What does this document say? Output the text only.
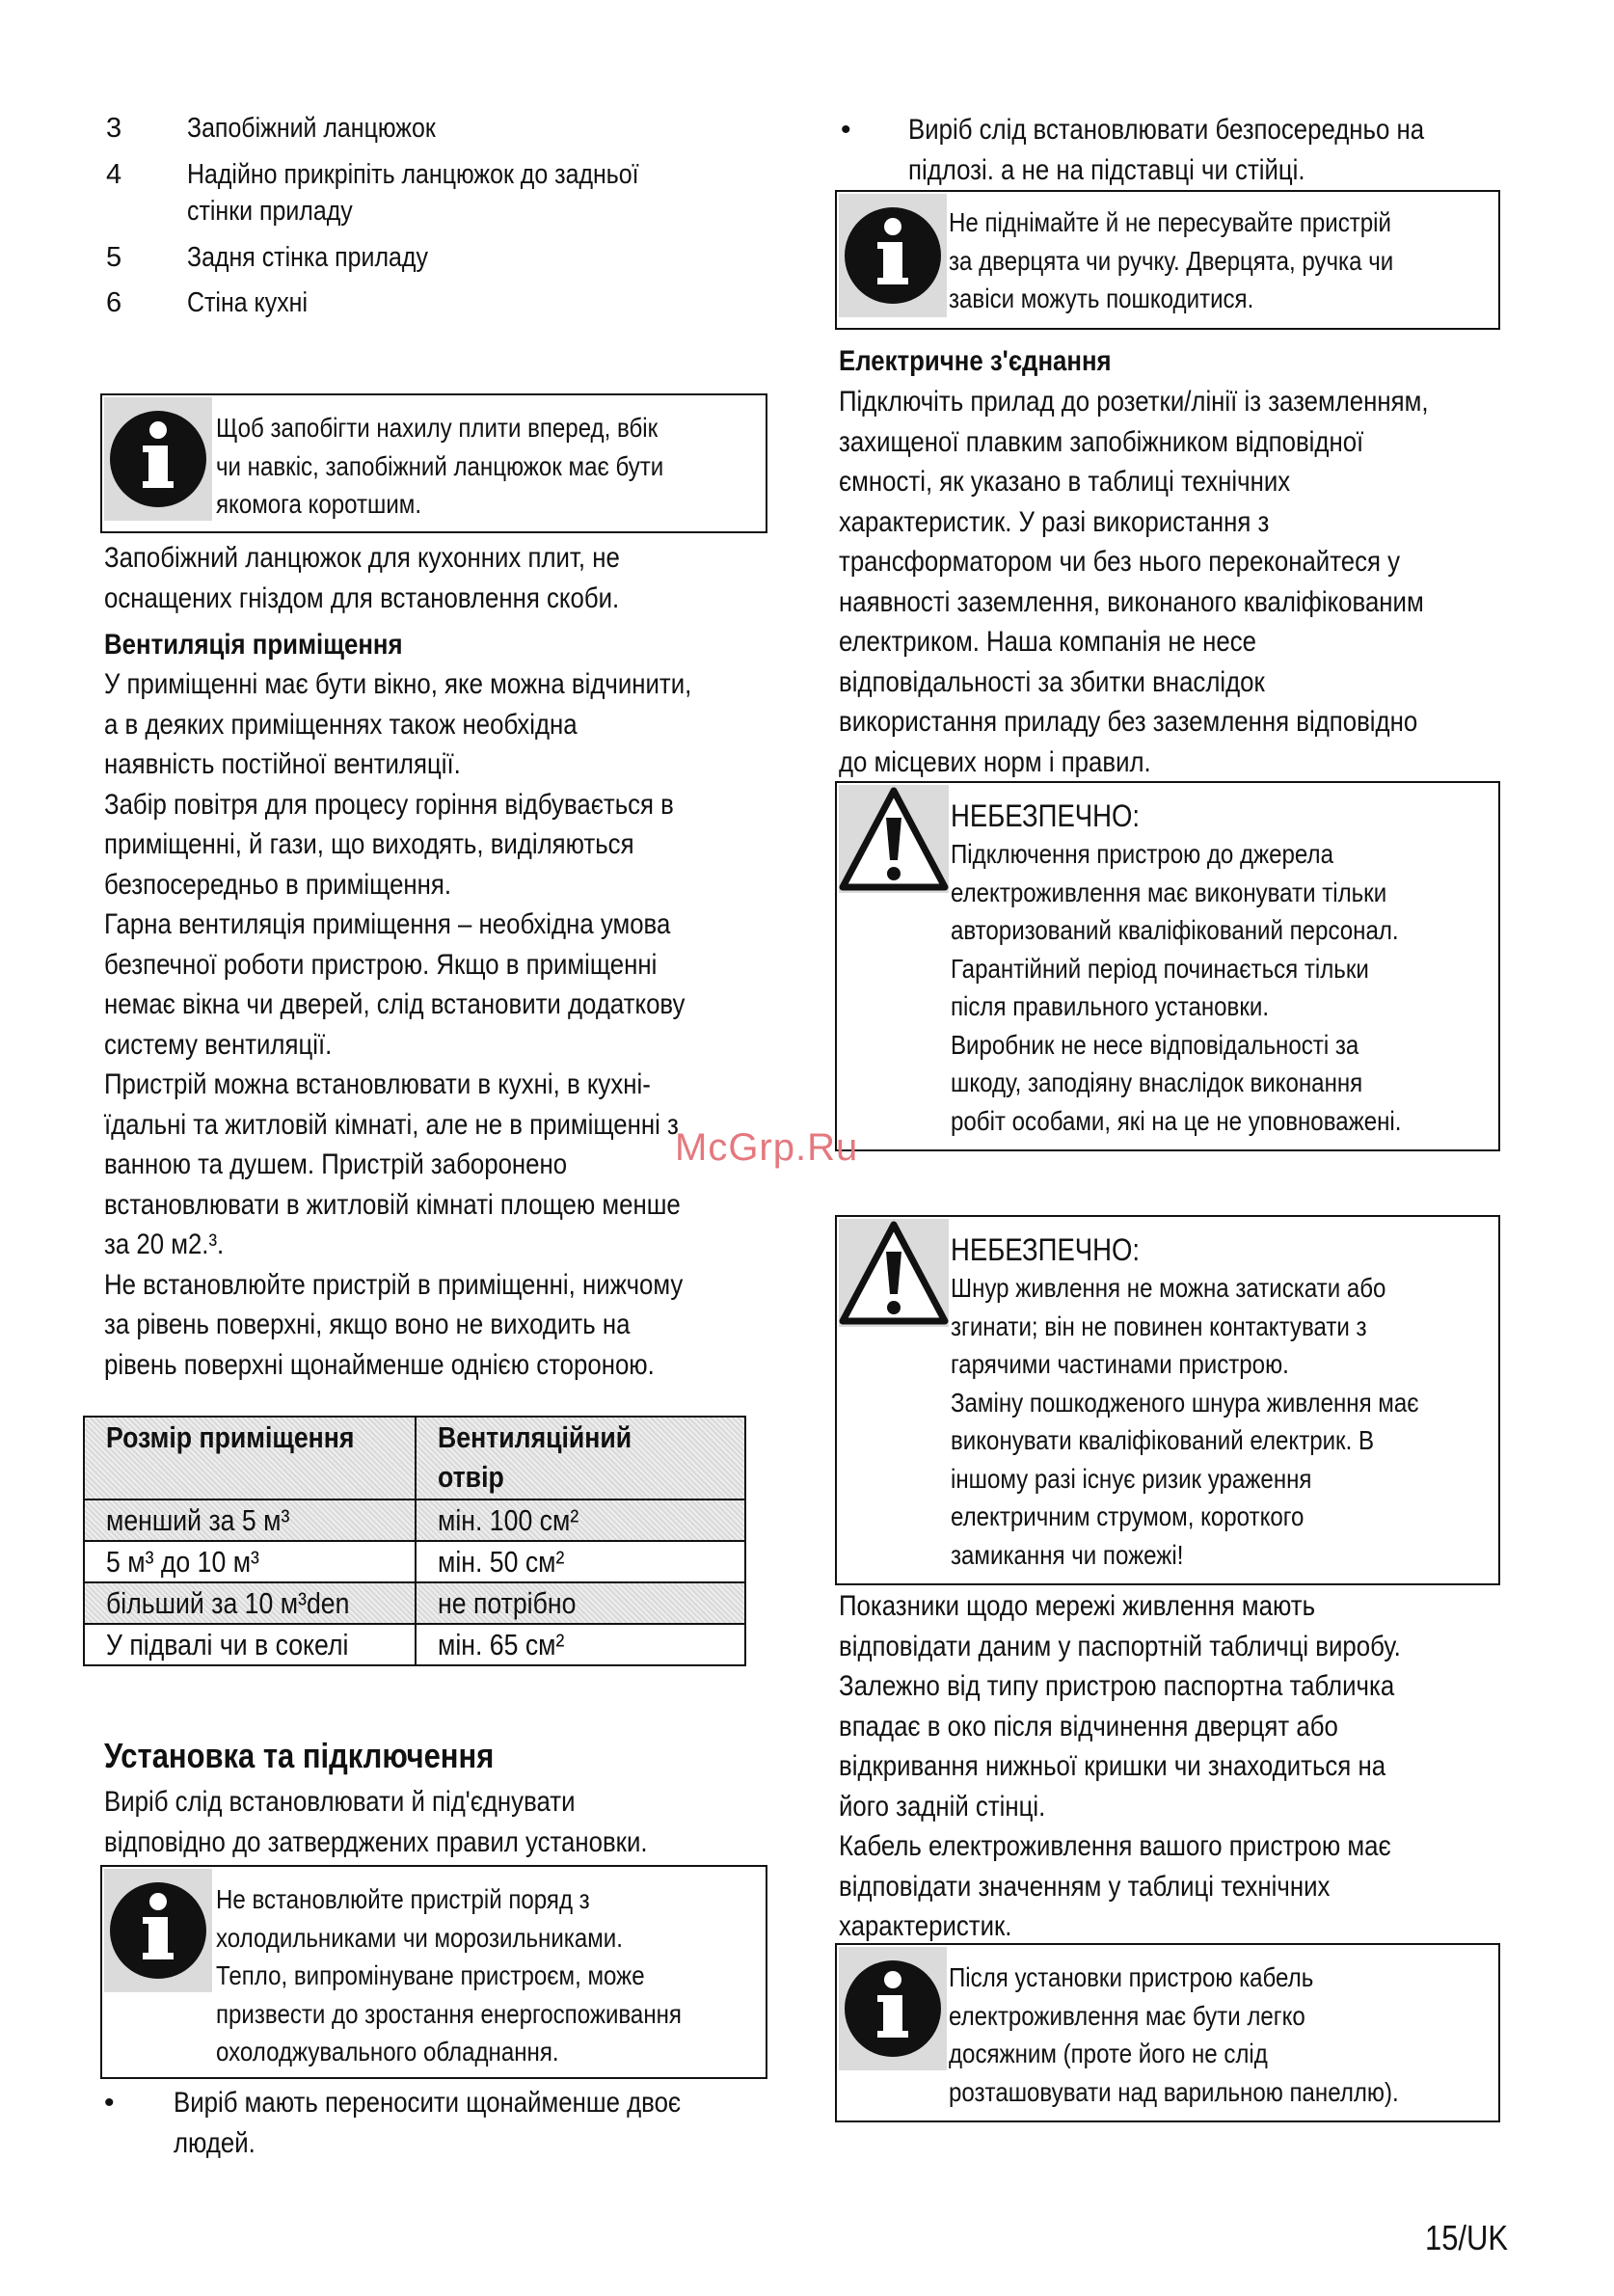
3 Запобіжний ланцюжок
4 Надійно прикріпіть ланцюжок до задньої
стінки приладу
5 Задня стінка приладу
6 Стіна кухні
Щоб запобігти нахилу плити вперед, вбік
чи навкіс, запобіжний ланцюжок має бути
якомога коротшим.
Запобіжний ланцюжок для кухонних плит, не
оснащених гніздом для встановлення скоби.
Вентиляція приміщення
У приміщенні має бути вікно, яке можна відчинити,
а в деяких приміщеннях також необхідна
наявність постійної вентиляції.
Забір повітря для процесу горіння відбувається в
приміщенні, й гази, що виходять, виділяються
безпосередньо в приміщення.
Гарна вентиляція приміщення – необхідна умова
безпечної роботи пристрою. Якщо в приміщенні
немає вікна чи дверей, слід встановити додаткову
систему вентиляції.
Пристрій можна встановлювати в кухні, в кухні-
їдальні та житловій кімнаті, але не в приміщенні з
ванною та душем. Пристрій заборонено
встановлювати в житловій кімнаті площею менше
за 20 м2.³.
Не встановлюйте пристрій в приміщенні, нижчому
за рівень поверхні, якщо воно не виходить на
рівень поверхні щонайменше однією стороною.
Розмір приміщення	Вентиляційний
отвір
менший за 5 м³	мін. 100 см²
5 м³ до 10 м³	мін. 50 см²
більший за 10 м³den	не потрібно
У підвалі чи в сокелі	мін. 65 см²
Установка та підключення
Виріб слід встановлювати й під'єднувати
відповідно до затверджених правил установки.
Не встановлюйте пристрій поряд з
холодильниками чи морозильниками.
Тепло, випромінуване пристроєм, може
призвести до зростання енергоспоживання
охолоджувального обладнання.
• Виріб мають переносити щонайменше двоє
людей.
• Виріб слід встановлювати безпосередньо на
підлозі. а не на підставці чи стійці.
Не піднімайте й не пересувайте пристрій
за дверцята чи ручку. Дверцята, ручка чи
завіси можуть пошкодитися.
Електричне з'єднання
Підключіть прилад до розетки/лінії із заземленням,
захищеної плавким запобіжником відповідної
ємності, як указано в таблиці технічних
характеристик. У разі використання з
трансформатором чи без нього переконайтеся у
наявності заземлення, виконаного кваліфікованим
електриком. Наша компанія не несе
відповідальності за збитки внаслідок
використання приладу без заземлення відповідно
до місцевих норм і правил.
НЕБЕЗПЕЧНО:
Підключення пристрою до джерела
електроживлення має виконувати тільки
авторизований кваліфікований персонал.
Гарантійний період починається тільки
після правильного установки.
Виробник не несе відповідальності за
шкоду, заподіяну внаслідок виконання
робіт особами, які на це не уповноважені.
McGrp.Ru
НЕБЕЗПЕЧНО:
Шнур живлення не можна затискати або
згинати; він не повинен контактувати з
гарячими частинами пристрою.
Заміну пошкодженого шнура живлення має
виконувати кваліфікований електрик. В
іншому разі існує ризик ураження
електричним струмом, короткого
замикання чи пожежі!
Показники щодо мережі живлення мають
відповідати даним у паспортній табличці виробу.
Залежно від типу пристрою паспортна табличка
впадає в око після відчинення дверцят або
відкривання нижньої кришки чи знаходиться на
його задній стінці.
Кабель електроживлення вашого пристрою має
відповідати значенням у таблиці технічних
характеристик.
Після установки пристрою кабель
електроживлення має бути легко
досяжним (проте його не слід
розташовувати над варильною панеллю).
15/UK
